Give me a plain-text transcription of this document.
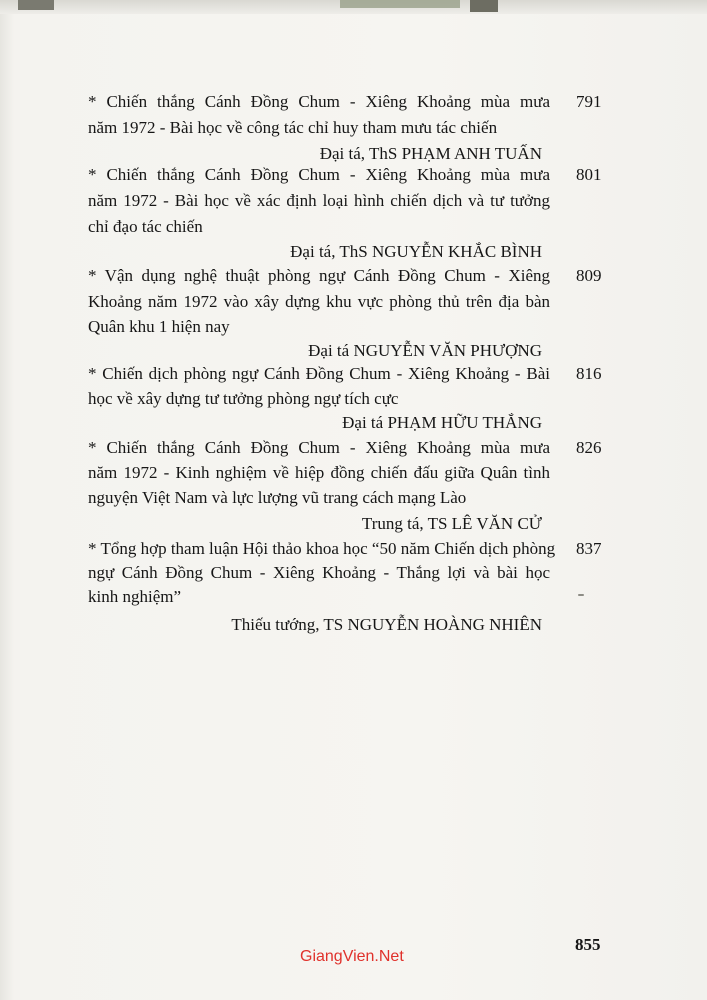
* Chiến thắng Cánh Đồng Chum - Xiêng Khoảng mùa mưa
năm 1972 - Bài học về công tác chỉ huy tham mưu tác chiến
791
Đại tá, ThS PHẠM ANH TUẤN
* Chiến thắng Cánh Đồng Chum - Xiêng Khoảng mùa mưa
năm 1972 - Bài học về xác định loại hình chiến dịch và tư tưởng
chỉ đạo tác chiến
801
Đại tá, ThS NGUYỄN KHẮC BÌNH
* Vận dụng nghệ thuật phòng ngự Cánh Đồng Chum - Xiêng
Khoảng năm 1972 vào xây dựng khu vực phòng thủ trên địa bàn
Quân khu 1 hiện nay
809
Đại tá NGUYỄN VĂN PHƯỢNG
* Chiến dịch phòng ngự Cánh Đồng Chum - Xiêng Khoảng - Bài
học về xây dựng tư tưởng phòng ngự tích cực
816
Đại tá PHẠM HỮU THẮNG
* Chiến thắng Cánh Đồng Chum - Xiêng Khoảng mùa mưa
năm 1972 - Kinh nghiệm về hiệp đồng chiến đấu giữa Quân tình
nguyện Việt Nam và lực lượng vũ trang cách mạng Lào
826
Trung tá, TS LÊ VĂN CỬ
* Tổng hợp tham luận Hội thảo khoa học “50 năm Chiến dịch phòng
ngự Cánh Đồng Chum - Xiêng Khoảng - Thắng lợi và bài học
kinh nghiệm”
837
Thiếu tướng, TS NGUYỄN HOÀNG NHIÊN
855
GiangVien.Net
